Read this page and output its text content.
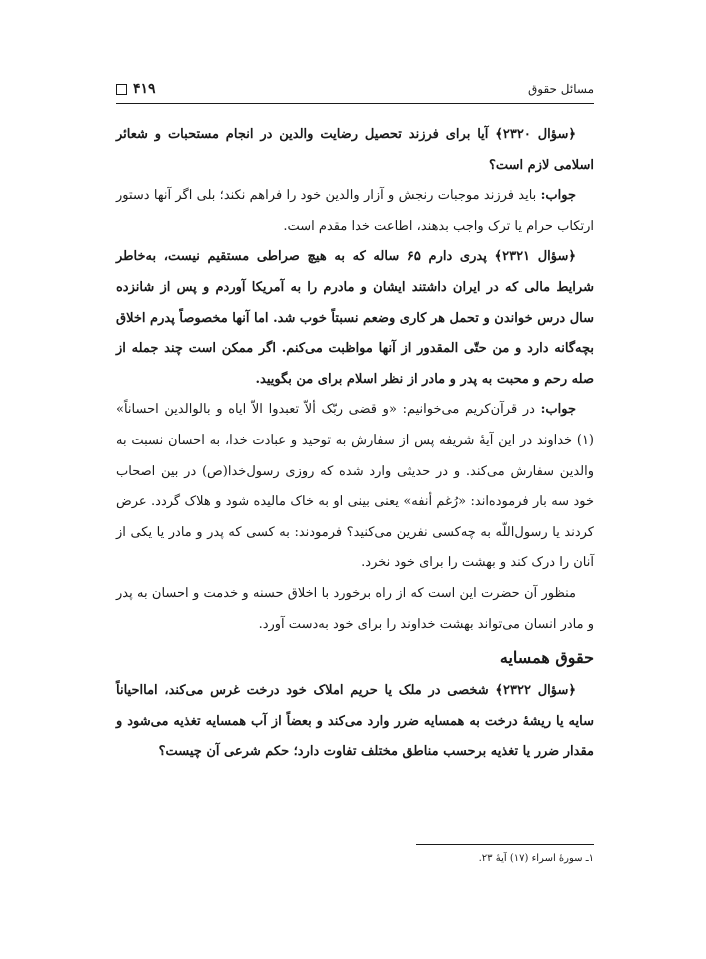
مسائل حقوق
۴۱۹

﴿سؤال ۲۳۲۰﴾ آیا برای فرزند تحصیل رضایت والدین در انجام مستحبات و شعائر اسلامی لازم است؟

جواب: باید فرزند موجبات رنجش و آزار والدین خود را فراهم نکند؛ بلی اگر آنها دستور ارتکاب حرام یا ترک واجب بدهند، اطاعت خدا مقدم است.

﴿سؤال ۲۳۲۱﴾ پدری دارم ۶۵ ساله که به هیچ صراطی مستقیم نیست، به‌خاطر شرایط مالی که در ایران داشتند ایشان و مادرم را به آمریکا آوردم و پس از شانزده سال درس خواندن و تحمل هر کاری وضعم نسبتاً خوب شد. اما آنها مخصوصاً پدرم اخلاق بچه‌گانه دارد و من حتّی المقدور از آنها مواظبت می‌کنم. اگر ممکن است چند جمله از صله رحم و محبت به پدر و مادر از نظر اسلام برای من بگویید.

جواب: در قرآن‌کریم می‌خوانیم: «و قضی ربّک ألاّ تعبدوا الاّ ایاه و بالوالدین احساناً» (۱) خداوند در این آیهٔ شریفه پس از سفارش به توحید و عبادت خدا، به احسان نسبت به والدین سفارش می‌کند. و در حدیثی وارد شده که روزی رسول‌خدا(ص) در بین اصحاب خود سه بار فرموده‌اند: «رُغم أنفه» یعنی بینی او به خاک مالیده شود و هلاک گردد. عرض کردند یا رسول‌اللّه به چه‌کسی نفرین می‌کنید؟ فرمودند: به کسی که پدر و مادر یا یکی از آنان را درک کند و بهشت را برای خود نخرد.

منظور آن حضرت این است که از راه برخورد با اخلاق حسنه و خدمت و احسان به پدر و مادر انسان می‌تواند بهشت خداوند را برای خود به‌دست آورد.

حقوق همسایه

﴿سؤال ۲۳۲۲﴾ شخصی در ملک یا حریم املاک خود درخت غرس می‌کند، امااحیاناً سایه یا ریشهٔ درخت به همسایه ضرر وارد می‌کند و بعضاً از آب همسایه تغذیه می‌شود و مقدار ضرر یا تغذیه برحسب مناطق مختلف تفاوت دارد؛ حکم شرعی آن چیست؟

۱ـ سورهٔ اسراء (۱۷) آیهٔ ۲۳.
